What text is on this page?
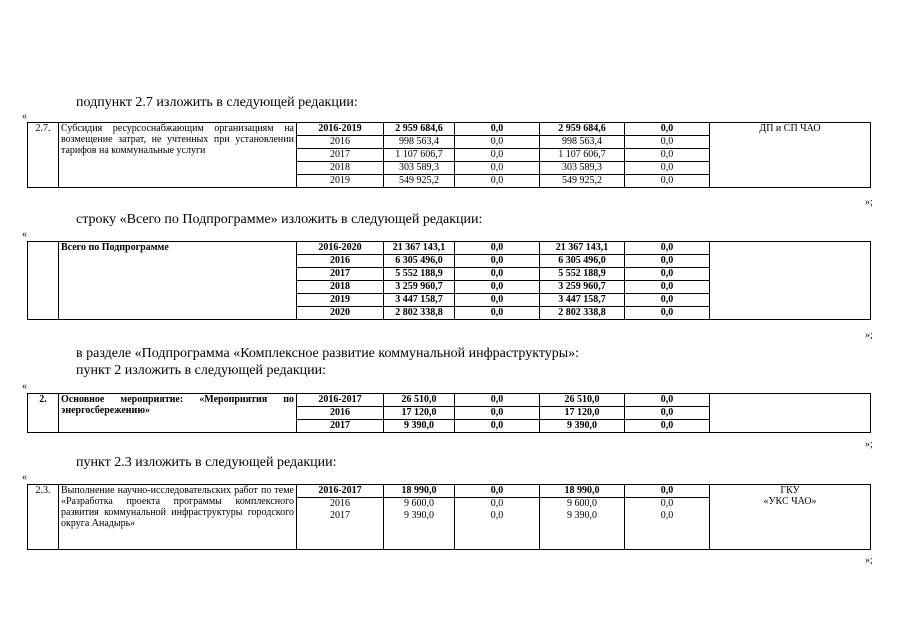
подпункт 2.7 изложить в следующей редакции:
«
2.7.	Субсидия ресурсоснабжающим организациям на возмещение затрат, не учтенных при установлении тарифов на коммунальные услуги	2016-2019	2 959 684,6	0,0	2 959 684,6	0,0	ДП и СП ЧАО
		2016	998 563,4	0,0	998 563,4	0,0	
		2017	1 107 606,7	0,0	1 107 606,7	0,0	
		2018	303 589,3	0,0	303 589,3	0,0	
		2019	549 925,2	0,0	549 925,2	0,0	
»;
строку «Всего по Подпрограмме» изложить в следующей редакции:
«
	Всего по Подпрограмме	2016-2020	21 367 143,1	0,0	21 367 143,1	0,0	
		2016	6 305 496,0	0,0	6 305 496,0	0,0	
		2017	5 552 188,9	0,0	5 552 188,9	0,0	
		2018	3 259 960,7	0,0	3 259 960,7	0,0	
		2019	3 447 158,7	0,0	3 447 158,7	0,0	
		2020	2 802 338,8	0,0	2 802 338,8	0,0	
»;
в разделе «Подпрограмма «Комплексное развитие коммунальной инфраструктуры»:
пункт 2 изложить в следующей редакции:
«
2.	Основное мероприятие: «Мероприятия по энергосбережению»	2016-2017	26 510,0	0,0	26 510,0	0,0	
		2016	17 120,0	0,0	17 120,0	0,0	
		2017	9 390,0	0,0	9 390,0	0,0	
»;
пункт 2.3 изложить в следующей редакции:
«
2.3.	Выполнение научно-исследовательских работ по теме «Разработка проекта программы комплексного развития коммунальной инфраструктуры городского округа Анадырь»	2016-2017	18 990,0	0,0	18 990,0	0,0	ГКУ
«УКС ЧАО»

		2016	9 600,0	0,0	9 600,0	0,0	
		2017	9 390,0	0,0	9 390,0	0,0	
»;
